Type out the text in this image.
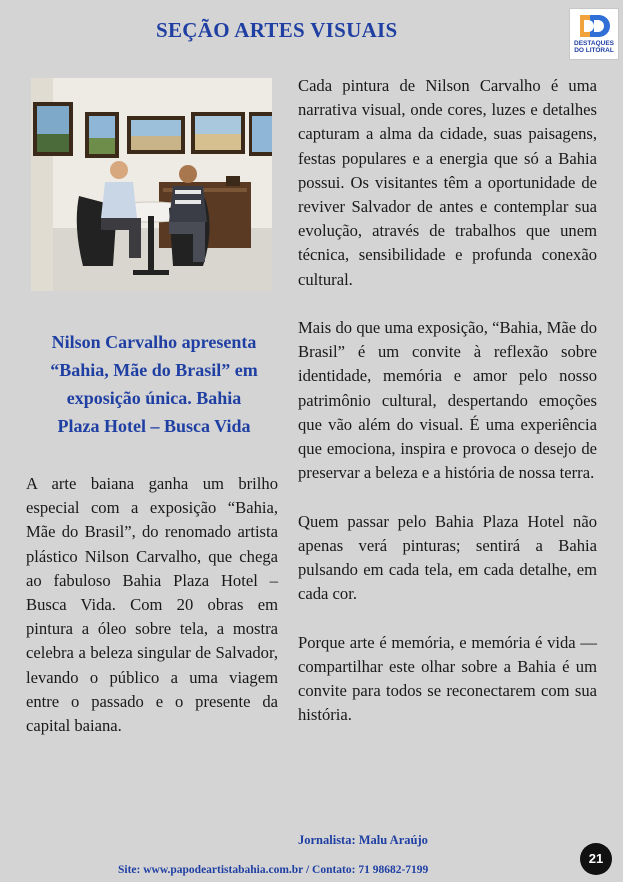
SEÇÃO ARTES VISUAIS
DESTAQUES
DO LITORAL
Nilson Carvalho apresenta
“Bahia, Mãe do Brasil” em
exposição única. Bahia
Plaza Hotel – Busca Vida

A arte baiana ganha um brilho especial com a exposição “Bahia, Mãe do Brasil”, do renomado artista plástico Nilson Carvalho, que chega ao fabuloso Bahia Plaza Hotel – Busca Vida. Com 20 obras em pintura a óleo sobre tela, a mostra celebra a beleza singular de Salvador, levando o público a uma viagem entre o passado e o presente da capital baiana.

Cada pintura de Nilson Carvalho é uma narrativa visual, onde cores, luzes e detalhes capturam a alma da cidade, suas paisagens, festas populares e a energia que só a Bahia possui. Os visitantes têm a oportunidade de reviver Salvador de antes e contemplar sua evolução, através de trabalhos que unem técnica, sensibilidade e profunda conexão cultural.

Mais do que uma exposição, “Bahia, Mãe do Brasil” é um convite à reflexão sobre identidade, memória e amor pelo nosso patrimônio cultural, despertando emoções que vão além do visual. É uma experiência que emociona, inspira e provoca o desejo de preservar a beleza e a história de nossa terra.

Quem passar pelo Bahia Plaza Hotel não apenas verá pinturas; sentirá a Bahia pulsando em cada tela, em cada detalhe, em cada cor.

Porque arte é memória, e memória é vida — compartilhar este olhar sobre a Bahia é um convite para todos se reconectarem com sua história.

Jornalista: Malu Araújo
Site: www.papodeartistabahia.com.br / Contato: 71 98682-7199
21
